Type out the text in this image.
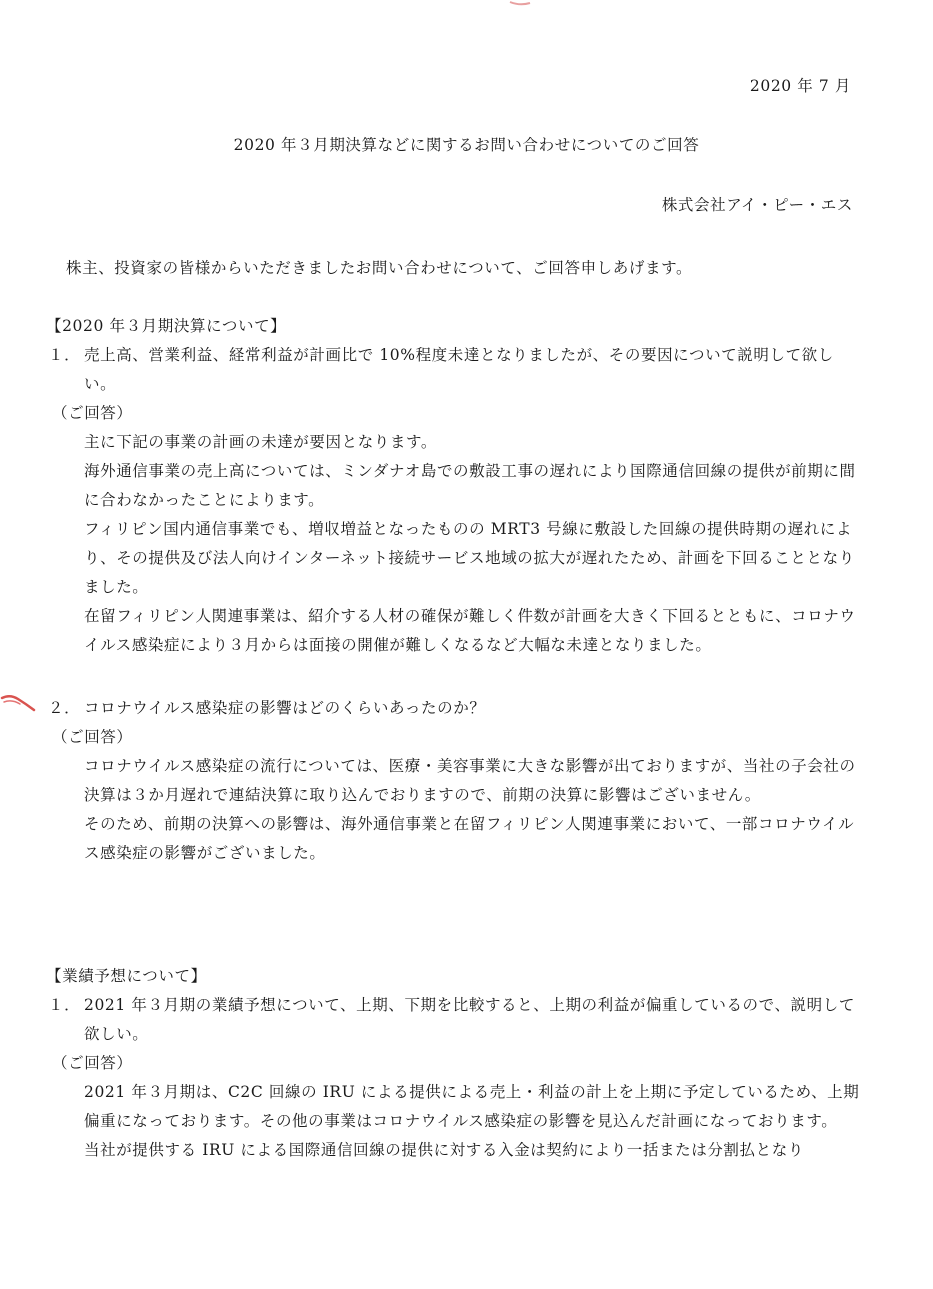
2020 年 7 月
2020 年３月期決算などに関するお問い合わせについてのご回答
株式会社アイ・ピー・エス
株主、投資家の皆様からいただきましたお問い合わせについて、ご回答申しあげます。
【2020 年３月期決算について】
１． 売上高、営業利益、経常利益が計画比で 10%程度未達となりましたが、その要因について説明して欲しい。
（ご回答）

主に下記の事業の計画の未達が要因となります。

海外通信事業の売上高については、ミンダナオ島での敷設工事の遅れにより国際通信回線の提供が前期に間に合わなかったことによります。

フィリピン国内通信事業でも、増収増益となったものの MRT3 号線に敷設した回線の提供時期の遅れにより、その提供及び法人向けインターネット接続サービス地域の拡大が遅れたため、計画を下回ることとなりました。

在留フィリピン人関連事業は、紹介する人材の確保が難しく件数が計画を大きく下回るとともに、コロナウイルス感染症により３月からは面接の開催が難しくなるなど大幅な未達となりました。

２． コロナウイルス感染症の影響はどのくらいあったのか？
（ご回答）

コロナウイルス感染症の流行については、医療・美容事業に大きな影響が出ておりますが、当社の子会社の決算は３か月遅れで連結決算に取り込んでおりますので、前期の決算に影響はございません。

そのため、前期の決算への影響は、海外通信事業と在留フィリピン人関連事業において、一部コロナウイルス感染症の影響がございました。

【業績予想について】
１． 2021 年３月期の業績予想について、上期、下期を比較すると、上期の利益が偏重しているので、説明して欲しい。
（ご回答）

2021 年３月期は、C2C 回線の IRU による提供による売上・利益の計上を上期に予定しているため、上期偏重になっております。その他の事業はコロナウイルス感染症の影響を見込んだ計画になっております。

当社が提供する IRU による国際通信回線の提供に対する入金は契約により一括または分割払となり
